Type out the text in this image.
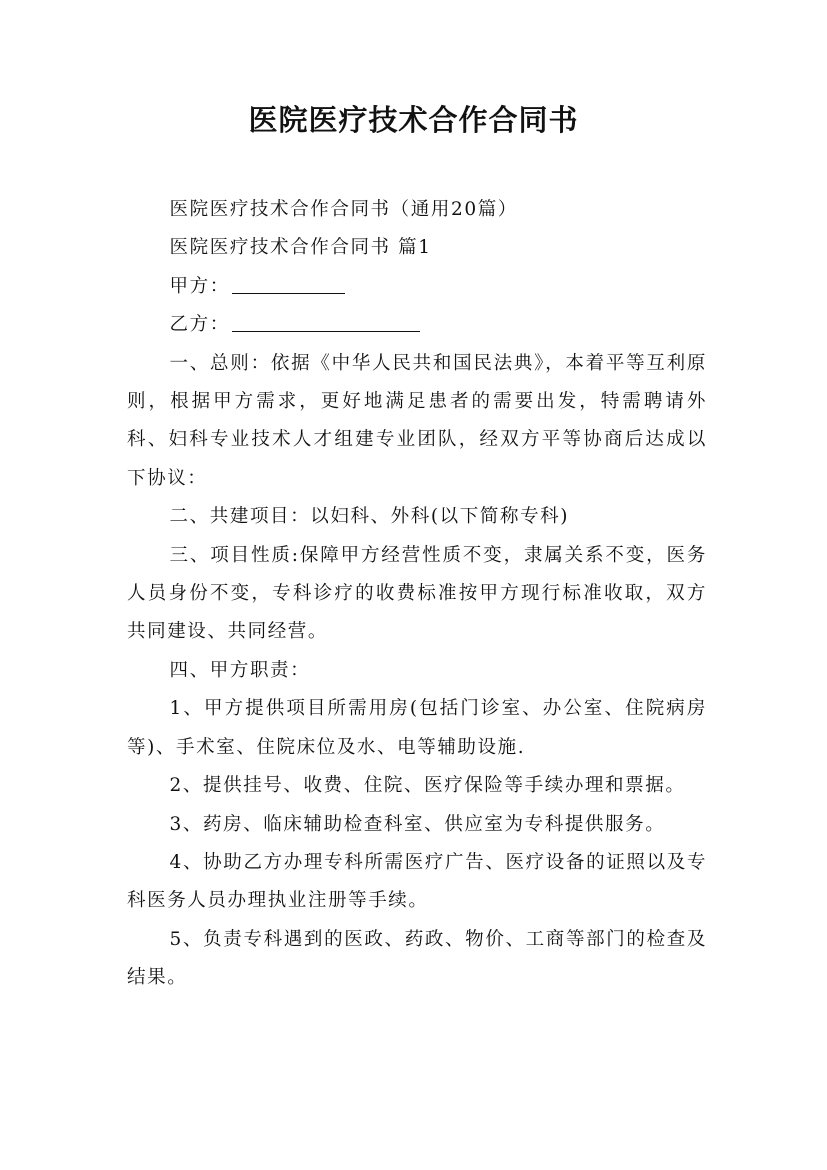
医院医疗技术合作合同书

医院医疗技术合作合同书（通用20篇）

医院医疗技术合作合同书 篇1

甲方：

乙方：

一、总则：依据《中华人民共和国民法典》，本着平等互利原则，根据甲方需求，更好地满足患者的需要出发，特需聘请外科、妇科专业技术人才组建专业团队，经双方平等协商后达成以下协议：

二、共建项目：以妇科、外科(以下简称专科)

三、项目性质:保障甲方经营性质不变，隶属关系不变，医务人员身份不变，专科诊疗的收费标准按甲方现行标准收取，双方共同建设、共同经营。

四、甲方职责：

1、甲方提供项目所需用房(包括门诊室、办公室、住院病房等)、手术室、住院床位及水、电等辅助设施.

2、提供挂号、收费、住院、医疗保险等手续办理和票据。

3、药房、临床辅助检查科室、供应室为专科提供服务。

4、协助乙方办理专科所需医疗广告、医疗设备的证照以及专科医务人员办理执业注册等手续。

5、负责专科遇到的医政、药政、物价、工商等部门的检查及结果。
